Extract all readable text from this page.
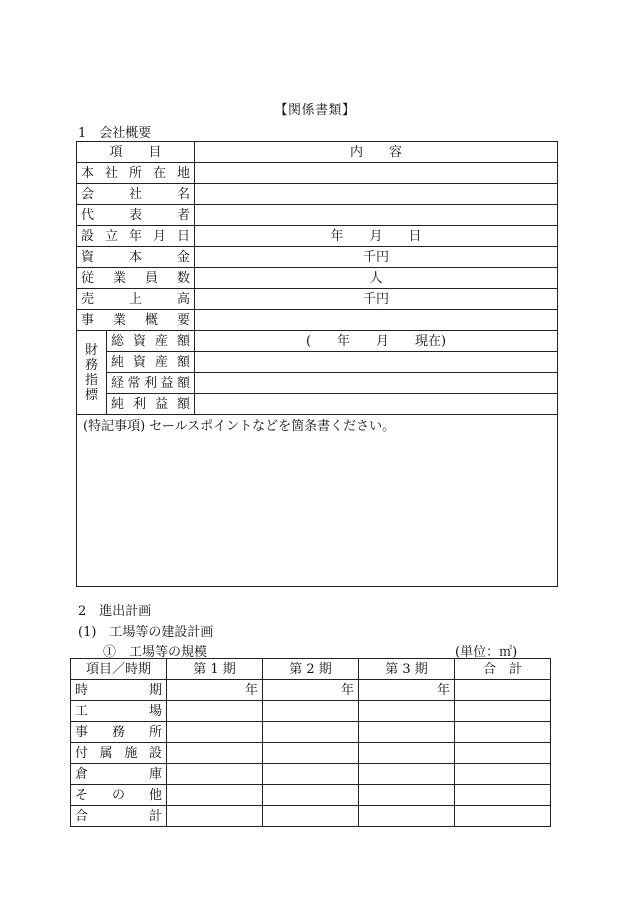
【関係書類】
1　会社概要
項　　目		内　　容
本社所在地		
会社名		
代表者		
設立年月日		年　　月　　日
資本金		千円
従業員数		人
売上高		千円
事業概要		

財
務
指
標	総資産額	(　　年　　月　　現在)
	純資産額	
	経常利益額	
	純利益額	
(特記事項) セールスポイントなどを箇条書ください。		
2　進出計画
(1)　工場等の建設計画
①　工場等の規模	(単位：㎡)
項目／時期	第 1 期	第 2 期	第 3 期	合　計
時期	年	年	年	
工場				
事務所				
付属施設				
倉庫				
その他				
合計				
